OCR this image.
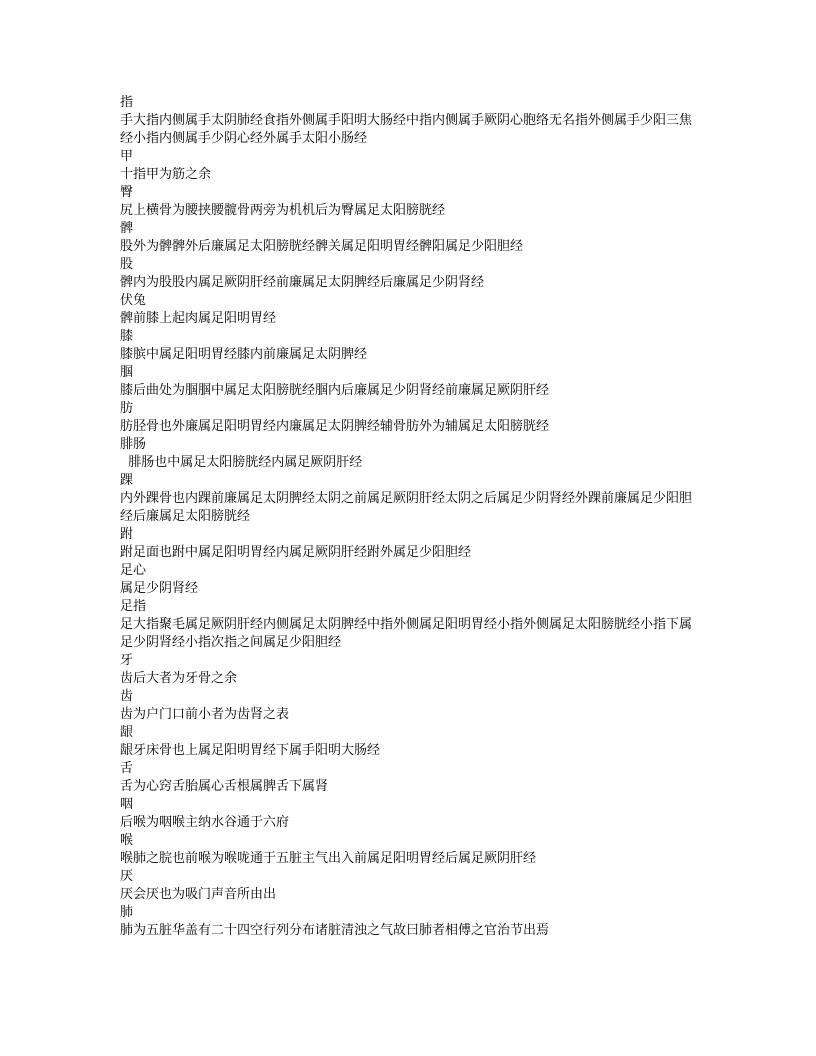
指
手大指内侧属手太阴肺经食指外侧属手阳明大肠经中指内侧属手厥阴心胞络无名指外侧属手少阳三焦经小指内侧属手少阴心经外属手太阳小肠经
甲
十指甲为筋之余
臀
尻上横骨为腰挟腰髋骨两旁为机机后为臀属足太阳膀胱经
髀
股外为髀髀外后廉属足太阳膀胱经髀关属足阳明胃经髀阳属足少阳胆经
股
髀内为股股内属足厥阴肝经前廉属足太阴脾经后廉属足少阴肾经
伏兔
髀前膝上起肉属足阳明胃经
膝
膝膑中属足阳明胃经膝内前廉属足太阴脾经
腘
膝后曲处为腘腘中属足太阳膀胱经腘内后廉属足少阴肾经前廉属足厥阴肝经
肪
肪胫骨也外廉属足阳明胃经内廉属足太阴脾经辅骨肪外为辅属足太阳膀胱经
腓肠
腓肠也中属足太阳膀胱经内属足厥阴肝经
踝
内外踝骨也内踝前廉属足太阴脾经太阴之前属足厥阴肝经太阴之后属足少阴肾经外踝前廉属足少阳胆经后廉属足太阳膀胱经
跗
跗足面也跗中属足阳明胃经内属足厥阴肝经跗外属足少阳胆经
足心
属足少阴肾经
足指
足大指聚毛属足厥阴肝经内侧属足太阴脾经中指外侧属足阳明胃经小指外侧属足太阳膀胱经小指下属足少阴肾经小指次指之间属足少阳胆经
牙
齿后大者为牙骨之余
齿
齿为户门口前小者为齿肾之表
龈
龈牙床骨也上属足阳明胃经下属手阳明大肠经
舌
舌为心窍舌胎属心舌根属脾舌下属肾
咽
后喉为咽喉主纳水谷通于六府
喉
喉肺之脘也前喉为喉咙通于五脏主气出入前属足阳明胃经后属足厥阴肝经
厌
厌会厌也为吸门声音所由出
肺
肺为五脏华盖有二十四空行列分布诸脏清浊之气故曰肺者相傅之官治节出焉
